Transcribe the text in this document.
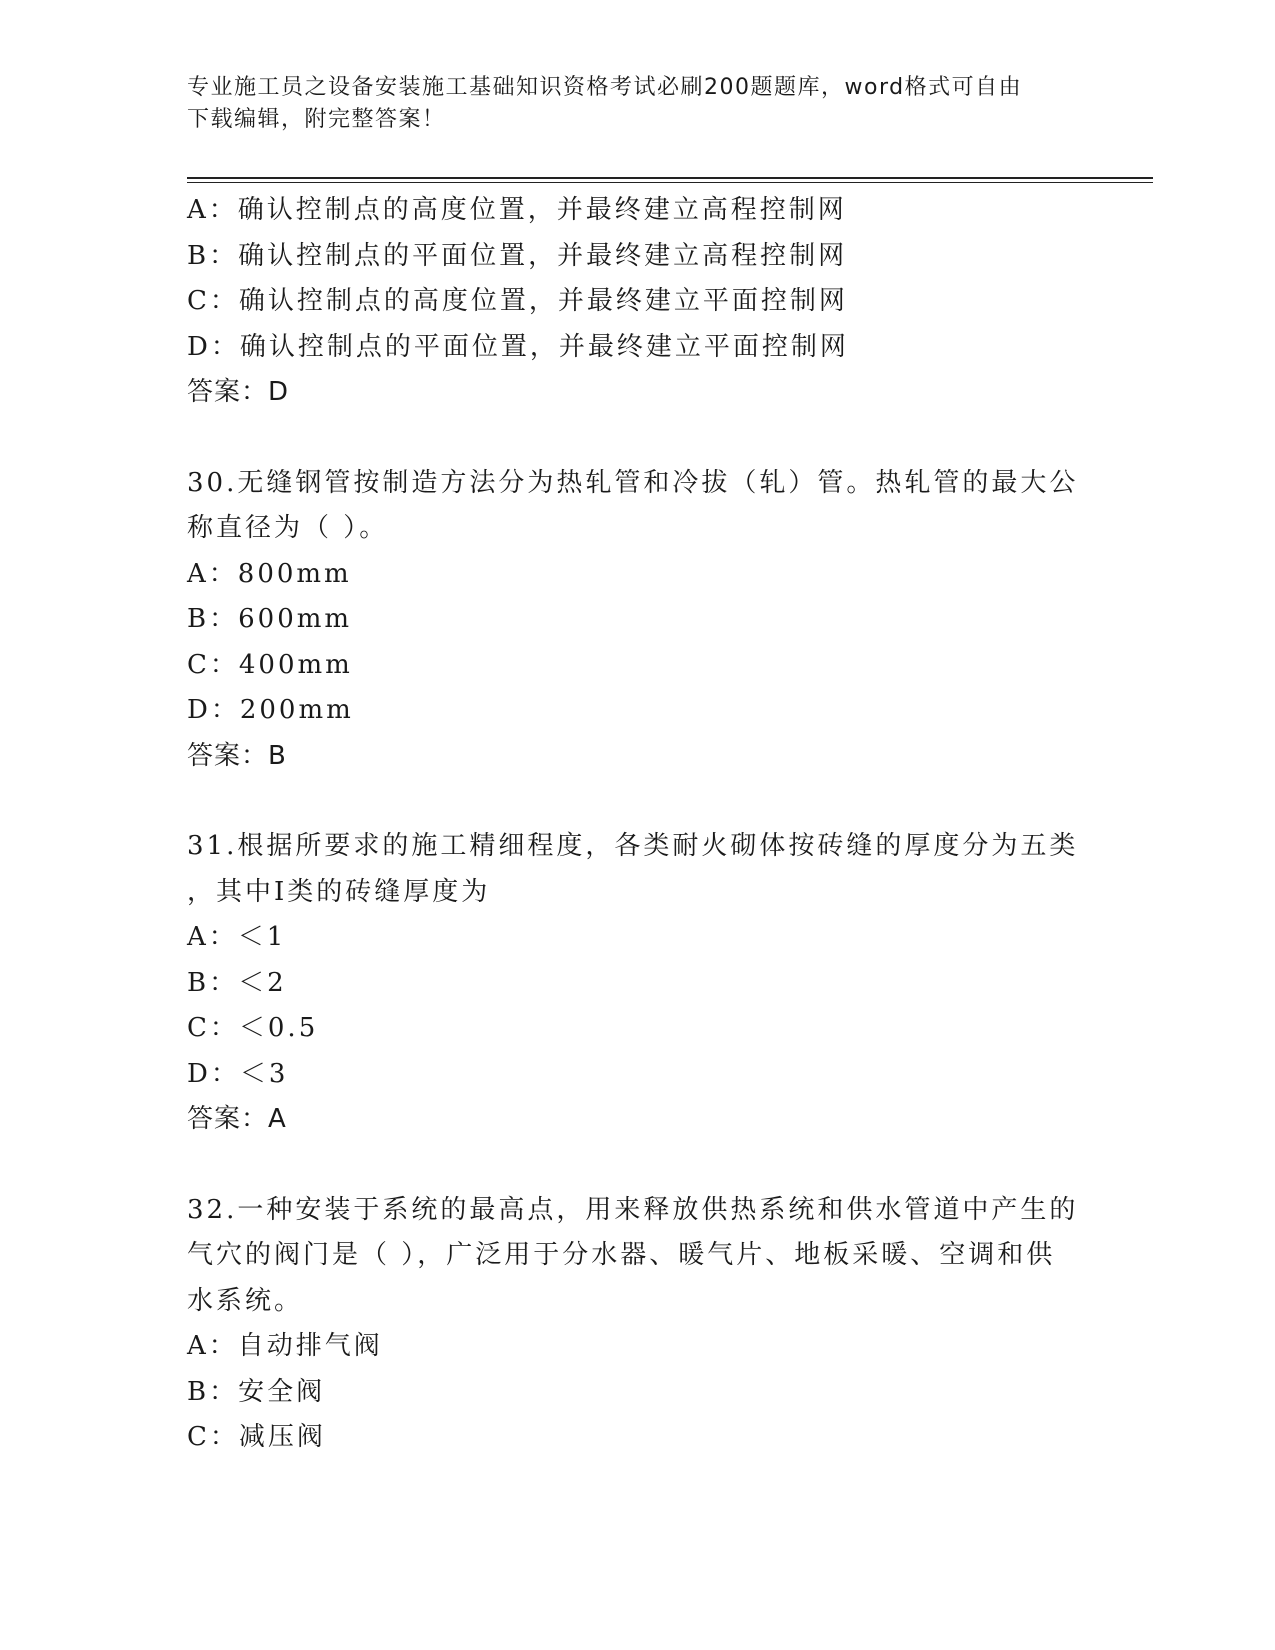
专业施工员之设备安装施工基础知识资格考试必刷200题题库，word格式可自由
下载编辑，附完整答案！
A：确认控制点的高度位置，并最终建立高程控制网
B：确认控制点的平面位置，并最终建立高程控制网
C：确认控制点的高度位置，并最终建立平面控制网
D：确认控制点的平面位置，并最终建立平面控制网
答案：D
30.无缝钢管按制造方法分为热轧管和冷拔（轧）管。热轧管的最大公
称直径为（ ）。
A：800mm
B：600mm
C：400mm
D：200mm
答案：B
31.根据所要求的施工精细程度，各类耐火砌体按砖缝的厚度分为五类
，其中Ⅰ类的砖缝厚度为
A：＜1
B：＜2
C：＜0.5
D：＜3
答案：A
32.一种安装于系统的最高点，用来释放供热系统和供水管道中产生的
气穴的阀门是（ ），广泛用于分水器、暖气片、地板采暖、空调和供
水系统。
A：自动排气阀
B：安全阀
C：减压阀
